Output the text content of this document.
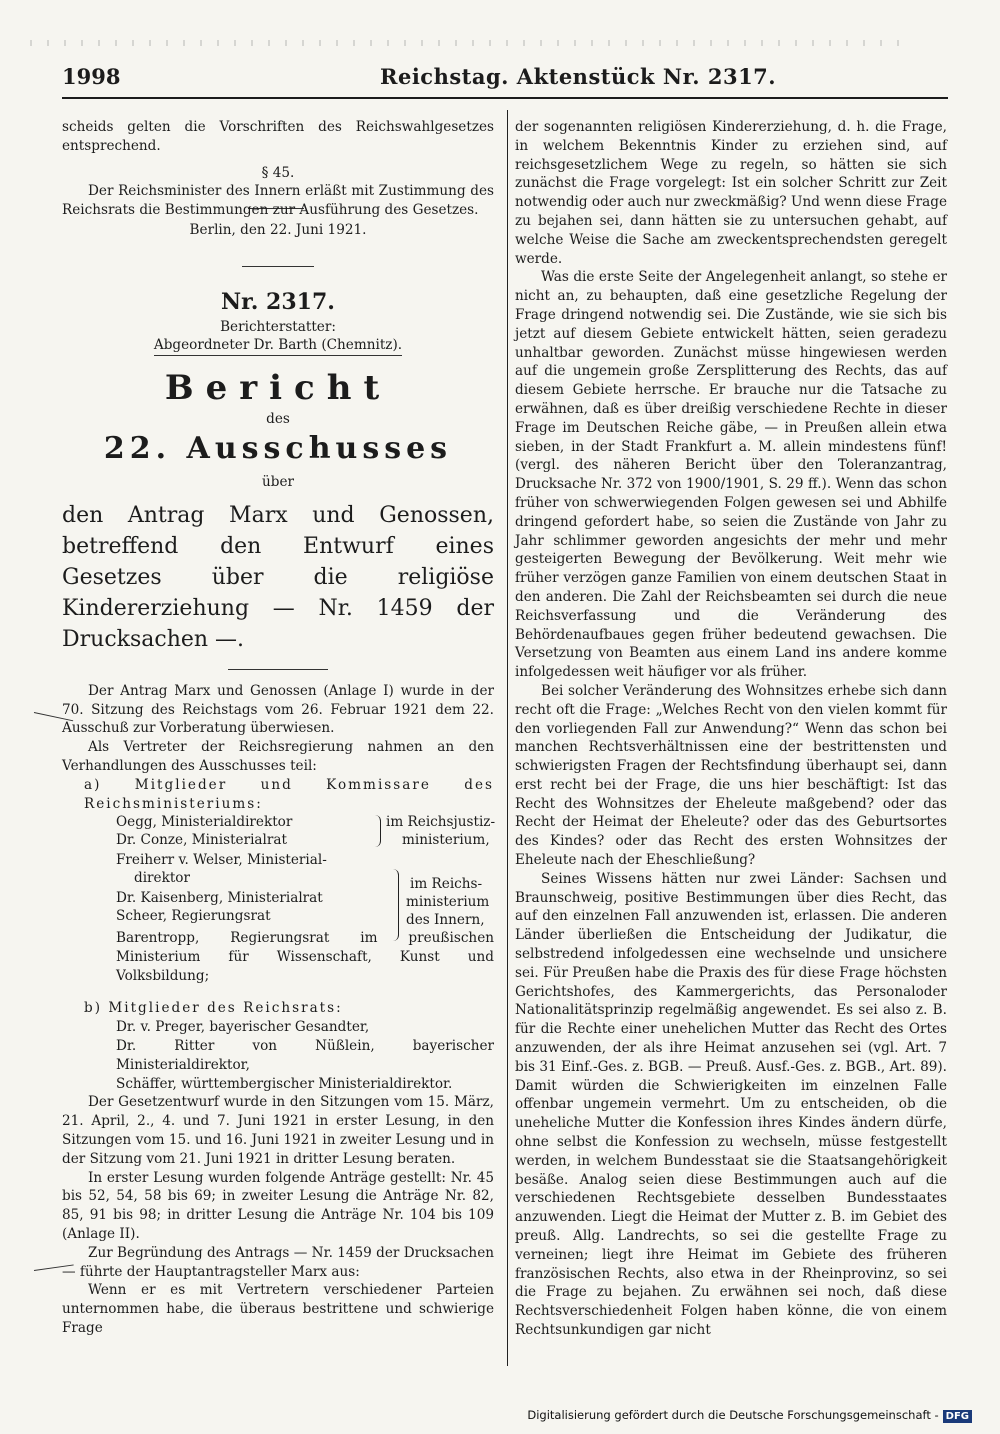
1998	Reichstag. Aktenstück Nr. 2317.

scheids gelten die Vorschriften des Reichswahlgesetzes entsprechend.

§ 45.

Der Reichsminister des Innern erläßt mit Zustimmung des Reichsrats die Bestimmungen zur Ausführung des Gesetzes.

Berlin, den 22. Juni 1921.

Nr. 2317.

Berichterstatter:

Abgeordneter Dr. Barth (Chemnitz).

Bericht

des

22. Ausschusses

über

den Antrag Marx und Genossen, betreffend den Entwurf eines Gesetzes über die religiöse Kindererziehung — Nr. 1459 der Drucksachen —.

Der Antrag Marx und Genossen (Anlage I) wurde in der 70. Sitzung des Reichstags vom 26. Februar 1921 dem 22. Ausschuß zur Vorberatung überwiesen.

Als Vertreter der Reichsregierung nahmen an den Verhandlungen des Ausschusses teil:

a) Mitglieder und Kommissare des Reichsministeriums:

Oegg, Ministerialdirektor
Dr. Conze, Ministerialrat
im Reichsjustiz-
ministerium,
Freiherr v. Welser, Ministerial-
direktor
Dr. Kaisenberg, Ministerialrat
Scheer, Regierungsrat
im Reichs-
ministerium
des Innern,
Barentropp, Regierungsrat im preußischen Ministerium für Wissenschaft, Kunst und Volksbildung;

b) Mitglieder des Reichsrats:

Dr. v. Preger, bayerischer Gesandter,

Dr. Ritter von Nüßlein, bayerischer Ministerialdirektor,

Schäffer, württembergischer Ministerialdirektor.

Der Gesetzentwurf wurde in den Sitzungen vom 15. März, 21. April, 2., 4. und 7. Juni 1921 in erster Lesung, in den Sitzungen vom 15. und 16. Juni 1921 in zweiter Lesung und in der Sitzung vom 21. Juni 1921 in dritter Lesung beraten.

In erster Lesung wurden folgende Anträge gestellt: Nr. 45 bis 52, 54, 58 bis 69; in zweiter Lesung die Anträge Nr. 82, 85, 91 bis 98; in dritter Lesung die Anträge Nr. 104 bis 109 (Anlage II).

Zur Begründung des Antrags — Nr. 1459 der Drucksachen — führte der Hauptantragsteller Marx aus:

Wenn er es mit Vertretern verschiedener Parteien unternommen habe, die überaus bestrittene und schwierige Frage

der sogenannten religiösen Kindererziehung, d. h. die Frage, in welchem Bekenntnis Kinder zu erziehen sind, auf reichsgesetzlichem Wege zu regeln, so hätten sie sich zunächst die Frage vorgelegt: Ist ein solcher Schritt zur Zeit notwendig oder auch nur zweckmäßig? Und wenn diese Frage zu bejahen sei, dann hätten sie zu untersuchen gehabt, auf welche Weise die Sache am zweckentsprechendsten geregelt werde.

Was die erste Seite der Angelegenheit anlangt, so stehe er nicht an, zu behaupten, daß eine gesetzliche Regelung der Frage dringend notwendig sei. Die Zustände, wie sie sich bis jetzt auf diesem Gebiete entwickelt hätten, seien geradezu unhaltbar geworden. Zunächst müsse hingewiesen werden auf die ungemein große Zersplitterung des Rechts, das auf diesem Gebiete herrsche. Er brauche nur die Tatsache zu erwähnen, daß es über dreißig verschiedene Rechte in dieser Frage im Deutschen Reiche gäbe, — in Preußen allein etwa sieben, in der Stadt Frankfurt a. M. allein mindestens fünf! (vergl. des näheren Bericht über den Toleranzantrag, Drucksache Nr. 372 von 1900/1901, S. 29 ff.). Wenn das schon früher von schwerwiegenden Folgen gewesen sei und Abhilfe dringend gefordert habe, so seien die Zustände von Jahr zu Jahr schlimmer geworden angesichts der mehr und mehr gesteigerten Bewegung der Bevölkerung. Weit mehr wie früher verzögen ganze Familien von einem deutschen Staat in den anderen. Die Zahl der Reichsbeamten sei durch die neue Reichsverfassung und die Veränderung des Behördenaufbaues gegen früher bedeutend gewachsen. Die Versetzung von Beamten aus einem Land ins andere komme infolgedessen weit häufiger vor als früher.

Bei solcher Veränderung des Wohnsitzes erhebe sich dann recht oft die Frage: „Welches Recht von den vielen kommt für den vorliegenden Fall zur Anwendung?“ Wenn das schon bei manchen Rechtsverhältnissen eine der bestrittensten und schwierigsten Fragen der Rechtsfindung überhaupt sei, dann erst recht bei der Frage, die uns hier beschäftigt: Ist das Recht des Wohnsitzes der Eheleute maßgebend? oder das Recht der Heimat der Eheleute? oder das des Geburtsortes des Kindes? oder das Recht des ersten Wohnsitzes der Eheleute nach der Eheschließung?

Seines Wissens hätten nur zwei Länder: Sachsen und Braunschweig, positive Bestimmungen über dies Recht, das auf den einzelnen Fall anzuwenden ist, erlassen. Die anderen Länder überließen die Entscheidung der Judikatur, die selbstredend infolgedessen eine wechselnde und unsichere sei. Für Preußen habe die Praxis des für diese Frage höchsten Gerichtshofes, des Kammergerichts, das Personaloder Nationalitätsprinzip regelmäßig angewendet. Es sei also z. B. für die Rechte einer unehelichen Mutter das Recht des Ortes anzuwenden, der als ihre Heimat anzusehen sei (vgl. Art. 7 bis 31 Einf.-Ges. z. BGB. — Preuß. Ausf.-Ges. z. BGB., Art. 89). Damit würden die Schwierigkeiten im einzelnen Falle offenbar ungemein vermehrt. Um zu entscheiden, ob die uneheliche Mutter die Konfession ihres Kindes ändern dürfe, ohne selbst die Konfession zu wechseln, müsse festgestellt werden, in welchem Bundesstaat sie die Staatsangehörigkeit besäße. Analog seien diese Bestimmungen auch auf die verschiedenen Rechtsgebiete desselben Bundesstaates anzuwenden. Liegt die Heimat der Mutter z. B. im Gebiet des preuß. Allg. Landrechts, so sei die gestellte Frage zu verneinen; liegt ihre Heimat im Gebiete des früheren französischen Rechts, also etwa in der Rheinprovinz, so sei die Frage zu bejahen. Zu erwähnen sei noch, daß diese Rechtsverschiedenheit Folgen haben könne, die von einem Rechtsunkundigen gar nicht

Digitalisierung gefördert durch die Deutsche Forschungsgemeinschaft - DFG
